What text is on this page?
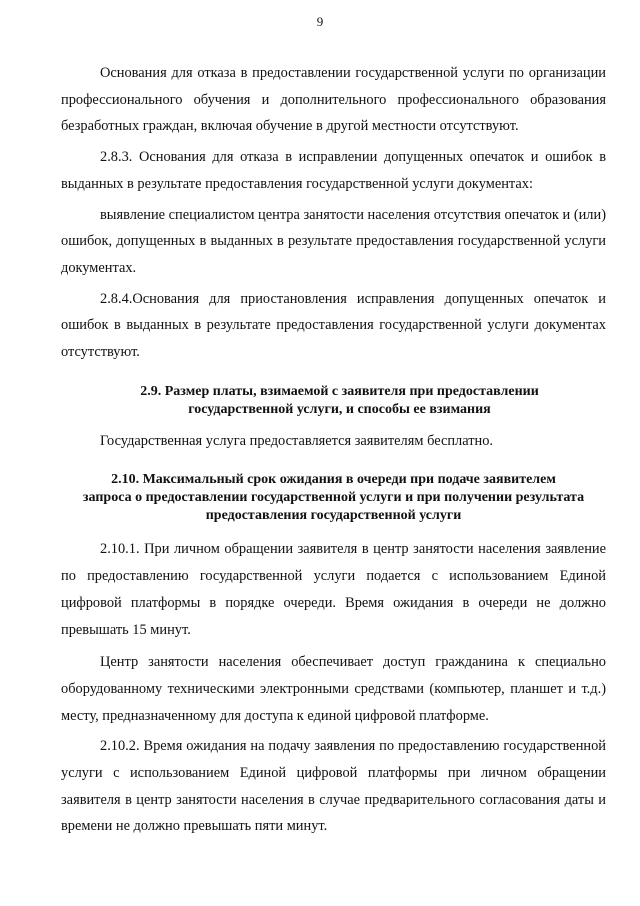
9

Основания для отказа в предоставлении государственной услуги по организации профессионального обучения и дополнительного профессионального образования безработных граждан, включая обучение в другой местности отсутствуют.

2.8.3. Основания для отказа в исправлении допущенных опечаток и ошибок в выданных в результате предоставления государственной услуги документах:

выявление специалистом центра занятости населения отсутствия опечаток и (или) ошибок, допущенных в выданных в результате предоставления государственной услуги документах.

2.8.4.Основания для приостановления исправления допущенных опечаток и ошибок в выданных в результате предоставления государственной услуги документах отсутствуют.

2.9. Размер платы, взимаемой с заявителя при предоставлении
государственной услуги, и способы ее взимания

Государственная услуга предоставляется заявителям бесплатно.

2.10. Максимальный срок ожидания в очереди при подаче заявителем
запроса о предоставлении государственной услуги и при получении результата
предоставления государственной услуги

2.10.1. При личном обращении заявителя в центр занятости населения заявление по предоставлению государственной услуги подается с использованием Единой цифровой платформы в порядке очереди. Время ожидания в очереди не должно превышать 15 минут.

Центр занятости населения обеспечивает доступ гражданина к специально оборудованному техническими электронными средствами (компьютер, планшет и т.д.) месту, предназначенному для доступа к единой цифровой платформе.

2.10.2. Время ожидания на подачу заявления по предоставлению государственной услуги с использованием Единой цифровой платформы при личном обращении заявителя в центр занятости населения в случае предварительного согласования даты и времени не должно превышать пяти минут.
